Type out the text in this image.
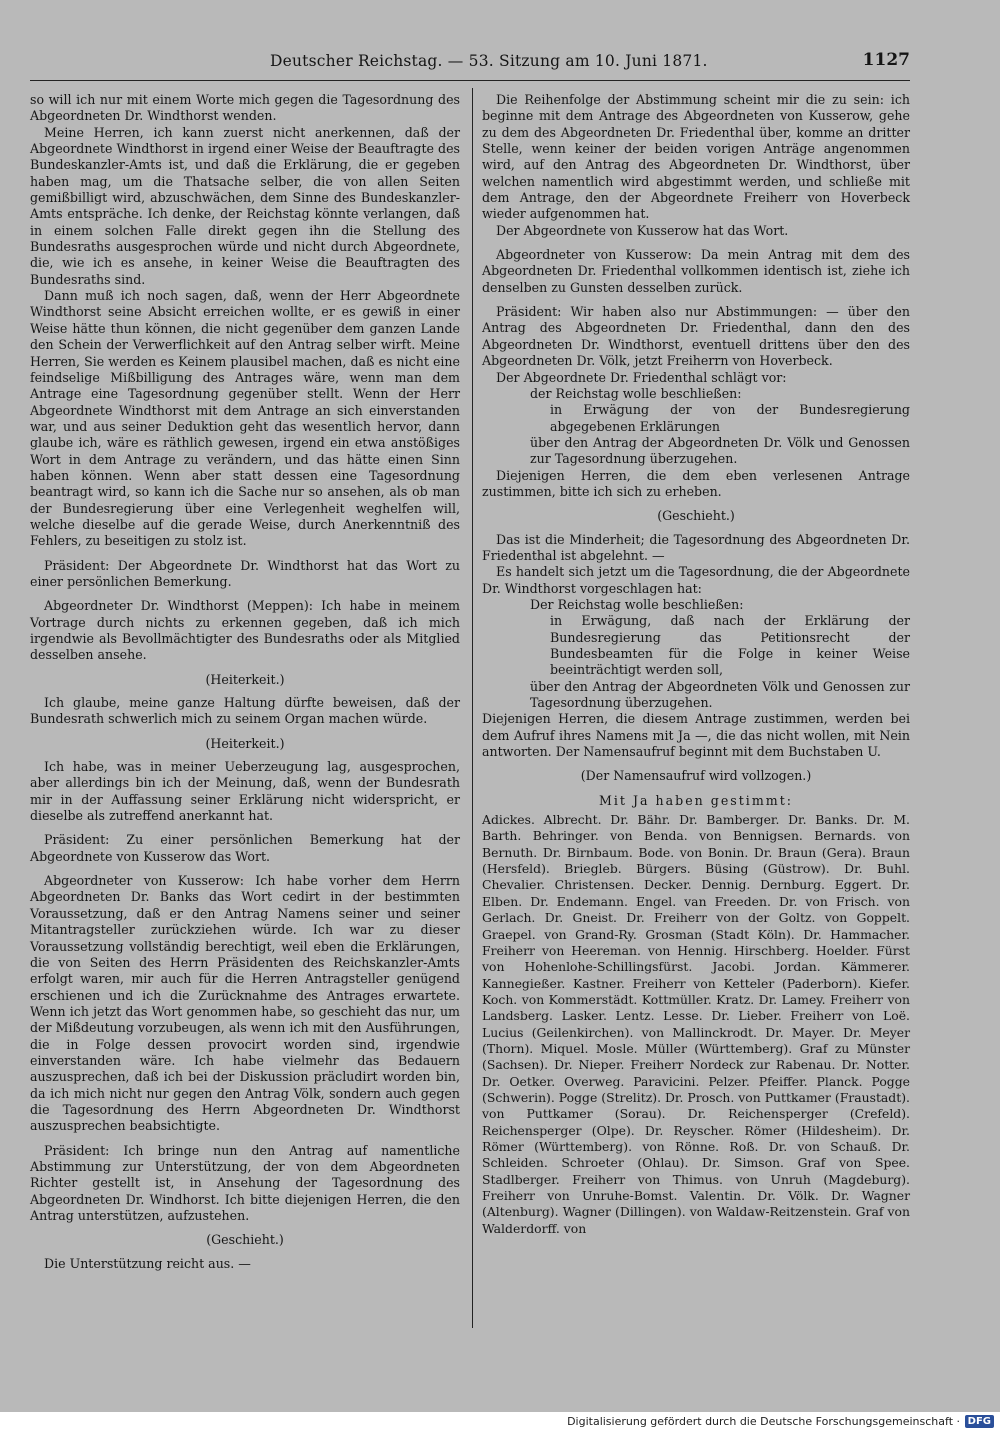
Deutscher Reichstag. — 53. Sitzung am 10. Juni 1871.	1127

so will ich nur mit einem Worte mich gegen die Tagesordnung des Abgeordneten Dr. Windthorst wenden.

Meine Herren, ich kann zuerst nicht anerkennen, daß der Abgeordnete Windthorst in irgend einer Weise der Beauftragte des Bundeskanzler-Amts ist, und daß die Erklärung, die er gegeben haben mag, um die Thatsache selber, die von allen Seiten gemißbilligt wird, abzuschwächen, dem Sinne des Bundeskanzler-Amts entspräche. Ich denke, der Reichstag könnte verlangen, daß in einem solchen Falle direkt gegen ihn die Stellung des Bundesraths ausgesprochen würde und nicht durch Abgeordnete, die, wie ich es ansehe, in keiner Weise die Beauftragten des Bundesraths sind.

Dann muß ich noch sagen, daß, wenn der Herr Abgeordnete Windthorst seine Absicht erreichen wollte, er es gewiß in einer Weise hätte thun können, die nicht gegenüber dem ganzen Lande den Schein der Verwerflichkeit auf den Antrag selber wirft. Meine Herren, Sie werden es Keinem plausibel machen, daß es nicht eine feindselige Mißbilligung des Antrages wäre, wenn man dem Antrage eine Tagesordnung gegenüber stellt. Wenn der Herr Abgeordnete Windthorst mit dem Antrage an sich einverstanden war, und aus seiner Deduktion geht das wesentlich hervor, dann glaube ich, wäre es räthlich gewesen, irgend ein etwa anstößiges Wort in dem Antrage zu verändern, und das hätte einen Sinn haben können. Wenn aber statt dessen eine Tagesordnung beantragt wird, so kann ich die Sache nur so ansehen, als ob man der Bundesregierung über eine Verlegenheit weghelfen will, welche dieselbe auf die gerade Weise, durch Anerkenntniß des Fehlers, zu beseitigen zu stolz ist.

Präsident: Der Abgeordnete Dr. Windthorst hat das Wort zu einer persönlichen Bemerkung.

Abgeordneter Dr. Windthorst (Meppen): Ich habe in meinem Vortrage durch nichts zu erkennen gegeben, daß ich mich irgendwie als Bevollmächtigter des Bundesraths oder als Mitglied desselben ansehe.

(Heiterkeit.)

Ich glaube, meine ganze Haltung dürfte beweisen, daß der Bundesrath schwerlich mich zu seinem Organ machen würde.

(Heiterkeit.)

Ich habe, was in meiner Ueberzeugung lag, ausgesprochen, aber allerdings bin ich der Meinung, daß, wenn der Bundesrath mir in der Auffassung seiner Erklärung nicht widerspricht, er dieselbe als zutreffend anerkannt hat.

Präsident: Zu einer persönlichen Bemerkung hat der Abgeordnete von Kusserow das Wort.

Abgeordneter von Kusserow: Ich habe vorher dem Herrn Abgeordneten Dr. Banks das Wort cedirt in der bestimmten Voraussetzung, daß er den Antrag Namens seiner und seiner Mitantragsteller zurückziehen würde. Ich war zu dieser Voraussetzung vollständig berechtigt, weil eben die Erklärungen, die von Seiten des Herrn Präsidenten des Reichskanzler-Amts erfolgt waren, mir auch für die Herren Antragsteller genügend erschienen und ich die Zurücknahme des Antrages erwartete. Wenn ich jetzt das Wort genommen habe, so geschieht das nur, um der Mißdeutung vorzubeugen, als wenn ich mit den Ausführungen, die in Folge dessen provocirt worden sind, irgendwie einverstanden wäre. Ich habe vielmehr das Bedauern auszusprechen, daß ich bei der Diskussion präcludirt worden bin, da ich mich nicht nur gegen den Antrag Völk, sondern auch gegen die Tagesordnung des Herrn Abgeordneten Dr. Windthorst auszusprechen beabsichtigte.

Präsident: Ich bringe nun den Antrag auf namentliche Abstimmung zur Unterstützung, der von dem Abgeordneten Richter gestellt ist, in Ansehung der Tagesordnung des Abgeordneten Dr. Windhorst. Ich bitte diejenigen Herren, die den Antrag unterstützen, aufzustehen.

(Geschieht.)

Die Unterstützung reicht aus. —

Die Reihenfolge der Abstimmung scheint mir die zu sein: ich beginne mit dem Antrage des Abgeordneten von Kusserow, gehe zu dem des Abgeordneten Dr. Friedenthal über, komme an dritter Stelle, wenn keiner der beiden vorigen Anträge angenommen wird, auf den Antrag des Abgeordneten Dr. Windthorst, über welchen namentlich wird abgestimmt werden, und schließe mit dem Antrage, den der Abgeordnete Freiherr von Hoverbeck wieder aufgenommen hat.

Der Abgeordnete von Kusserow hat das Wort.

Abgeordneter von Kusserow: Da mein Antrag mit dem des Abgeordneten Dr. Friedenthal vollkommen identisch ist, ziehe ich denselben zu Gunsten desselben zurück.

Präsident: Wir haben also nur Abstimmungen: — über den Antrag des Abgeordneten Dr. Friedenthal, dann den des Abgeordneten Dr. Windthorst, eventuell drittens über den des Abgeordneten Dr. Völk, jetzt Freiherrn von Hoverbeck.

Der Abgeordnete Dr. Friedenthal schlägt vor:

der Reichstag wolle beschließen:

in Erwägung der von der Bundesregierung abgegebenen Erklärungen

über den Antrag der Abgeordneten Dr. Völk und Genossen zur Tagesordnung überzugehen.

Diejenigen Herren, die dem eben verlesenen Antrage zustimmen, bitte ich sich zu erheben.

(Geschieht.)

Das ist die Minderheit; die Tagesordnung des Abgeordneten Dr. Friedenthal ist abgelehnt. —

Es handelt sich jetzt um die Tagesordnung, die der Abgeordnete Dr. Windthorst vorgeschlagen hat:

Der Reichstag wolle beschließen:

in Erwägung, daß nach der Erklärung der Bundesregierung das Petitionsrecht der Bundesbeamten für die Folge in keiner Weise beeinträchtigt werden soll,

über den Antrag der Abgeordneten Völk und Genossen zur Tagesordnung überzugehen.

Diejenigen Herren, die diesem Antrage zustimmen, werden bei dem Aufruf ihres Namens mit Ja —, die das nicht wollen, mit Nein antworten. Der Namensaufruf beginnt mit dem Buchstaben U.

(Der Namensaufruf wird vollzogen.)

Mit Ja haben gestimmt:

Adickes. Albrecht. Dr. Bähr. Dr. Bamberger. Dr. Banks. Dr. M. Barth. Behringer. von Benda. von Bennigsen. Bernards. von Bernuth. Dr. Birnbaum. Bode. von Bonin. Dr. Braun (Gera). Braun (Hersfeld). Briegleb. Bürgers. Büsing (Güstrow). Dr. Buhl. Chevalier. Christensen. Decker. Dennig. Dernburg. Eggert. Dr. Elben. Dr. Endemann. Engel. van Freeden. Dr. von Frisch. von Gerlach. Dr. Gneist. Dr. Freiherr von der Goltz. von Goppelt. Graepel. von Grand-Ry. Grosman (Stadt Köln). Dr. Hammacher. Freiherr von Heereman. von Hennig. Hirschberg. Hoelder. Fürst von Hohenlohe-Schillingsfürst. Jacobi. Jordan. Kämmerer. Kannegießer. Kastner. Freiherr von Ketteler (Paderborn). Kiefer. Koch. von Kommerstädt. Kottmüller. Kratz. Dr. Lamey. Freiherr von Landsberg. Lasker. Lentz. Lesse. Dr. Lieber. Freiherr von Loë. Lucius (Geilenkirchen). von Mallinckrodt. Dr. Mayer. Dr. Meyer (Thorn). Miquel. Mosle. Müller (Württemberg). Graf zu Münster (Sachsen). Dr. Nieper. Freiherr Nordeck zur Rabenau. Dr. Notter. Dr. Oetker. Overweg. Paravicini. Pelzer. Pfeiffer. Planck. Pogge (Schwerin). Pogge (Strelitz). Dr. Prosch. von Puttkamer (Fraustadt). von Puttkamer (Sorau). Dr. Reichensperger (Crefeld). Reichensperger (Olpe). Dr. Reyscher. Römer (Hildesheim). Dr. Römer (Württemberg). von Rönne. Roß. Dr. von Schauß. Dr. Schleiden. Schroeter (Ohlau). Dr. Simson. Graf von Spee. Stadlberger. Freiherr von Thimus. von Unruh (Magdeburg). Freiherr von Unruhe-Bomst. Valentin. Dr. Völk. Dr. Wagner (Altenburg). Wagner (Dillingen). von Waldaw-Reitzenstein. Graf von Walderdorff. von

Digitalisierung gefördert durch die Deutsche Forschungsgemeinschaft · DFG
